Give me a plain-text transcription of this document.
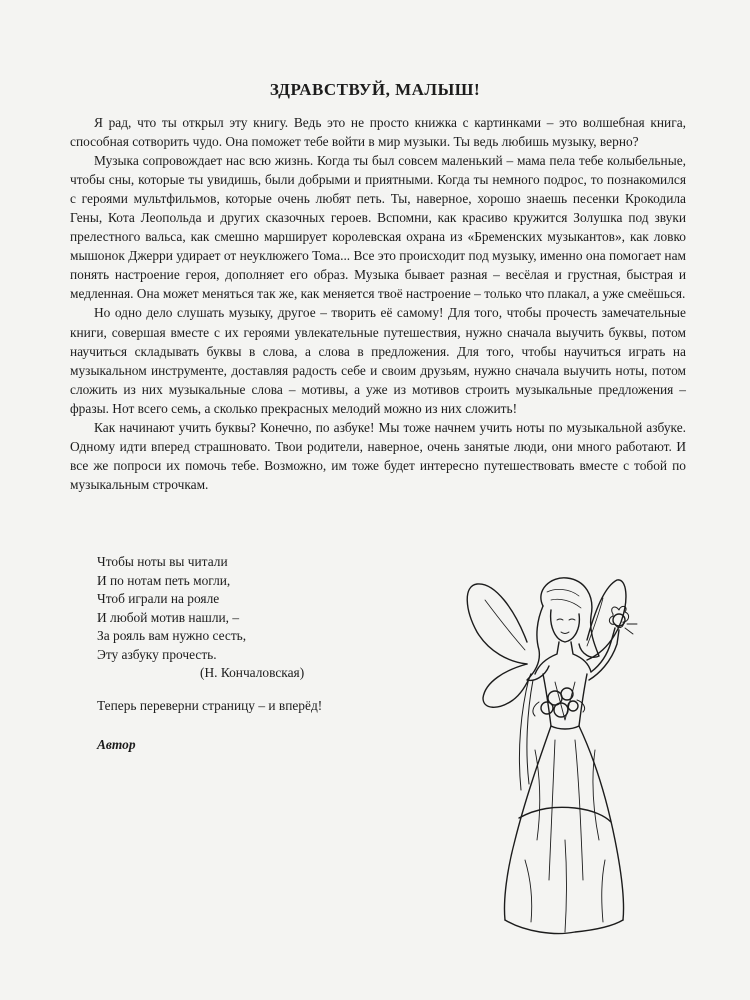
ЗДРАВСТВУЙ, МАЛЫШ!

Я рад, что ты открыл эту книгу. Ведь это не просто книжка с картинками – это волшебная книга, способная сотворить чудо. Она поможет тебе войти в мир музыки. Ты ведь любишь музыку, верно?

Музыка сопровождает нас всю жизнь. Когда ты был совсем маленький – мама пела тебе колыбельные, чтобы сны, которые ты увидишь, были добрыми и приятными. Когда ты немного подрос, то познакомился с героями мультфильмов, которые очень любят петь. Ты, наверное, хорошо знаешь песенки Крокодила Гены, Кота Леопольда и других сказочных героев. Вспомни, как красиво кружится Золушка под звуки прелестного вальса, как смешно марширует королевская охрана из «Бременских музыкантов», как ловко мышонок Джерри удирает от неуклюжего Тома... Все это происходит под музыку, именно она помогает нам понять настроение героя, дополняет его образ. Музыка бывает разная – весёлая и грустная, быстрая и медленная. Она может меняться так же, как меняется твоё настроение – только что плакал, а уже смеёшься.

Но одно дело слушать музыку, другое – творить её самому! Для того, чтобы прочесть замечательные книги, совершая вместе с их героями увлекательные путешествия, нужно сначала выучить буквы, потом научиться складывать буквы в слова, а слова в предложения. Для того, чтобы научиться играть на музыкальном инструменте, доставляя радость себе и своим друзьям, нужно сначала выучить ноты, потом сложить из них музыкальные слова – мотивы, а уже из мотивов строить музыкальные предложения – фразы. Нот всего семь, а сколько прекрасных мелодий можно из них сложить!

Как начинают учить буквы? Конечно, по азбуке! Мы тоже начнем учить ноты по музыкальной азбуке. Одному идти вперед страшновато. Твои родители, наверное, очень занятые люди, они много работают. И все же попроси их помочь тебе. Возможно, им тоже будет интересно путешествовать вместе с тобой по музыкальным строчкам.

Чтобы ноты вы читали
И по нотам петь могли,
Чтоб играли на рояле
И любой мотив нашли, –
За рояль вам нужно сесть,
Эту азбуку прочесть.
(Н. Кончаловская)
Теперь переверни страницу – и вперёд!
Автор
